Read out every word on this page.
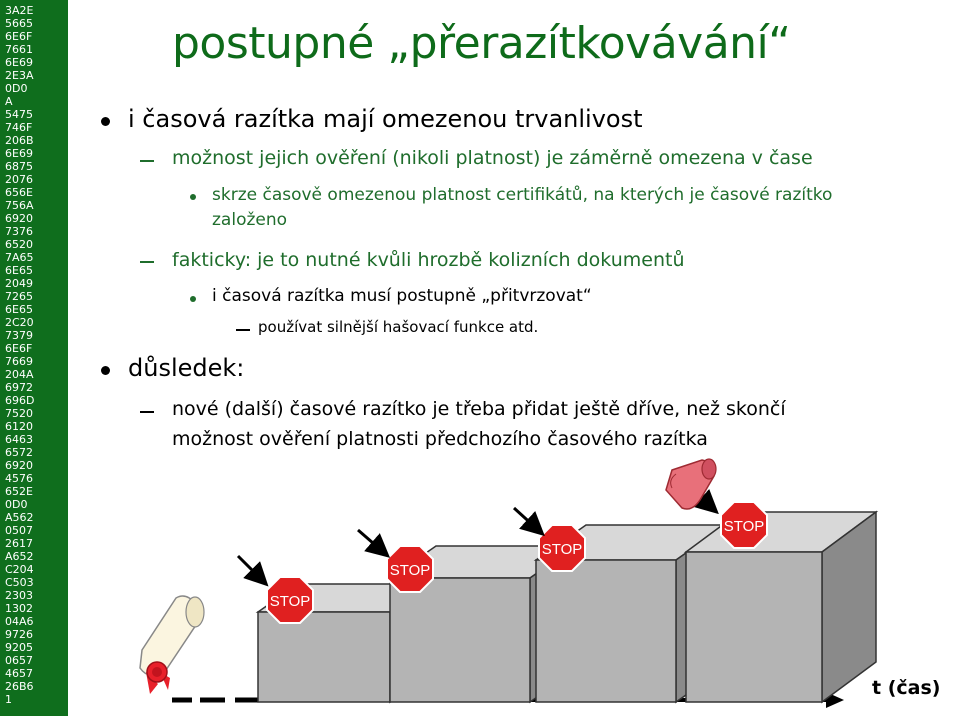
3A2E
5665
6E6F
7661
6E69
2E3A
0D0
A
5475
746F
206B
6E69
6875
2076
656E
756A
6920
7376
6520
7A65
6E65
2049
7265
6E65
2C20
7379
6E6F
7669
204A
6972
696D
7520
6120
6463
6572
6920
4576
652E
0D0
A562
0507
2617
A652
C204
C503
2303
1302
04A6
9726
9205
0657
4657
26B6
1
postupné „přerazítkovávání“
i časová razítka mají omezenou trvanlivost
možnost jejich ověření (nikoli platnost) je záměrně omezena v čase
skrze časově omezenou platnost certifikátů, na kterých je časové razítko
založeno
fakticky: je to nutné kvůli hrozbě kolizních dokumentů
i časová razítka musí postupně „přitvrzovat“
používat silnější hašovací funkce atd.
důsledek:
nové (další) časové razítko je třeba přidat ještě dříve, než skončí
možnost ověření platnosti předchozího časového razítka
STOP
STOP
STOP
STOP
t (čas)
